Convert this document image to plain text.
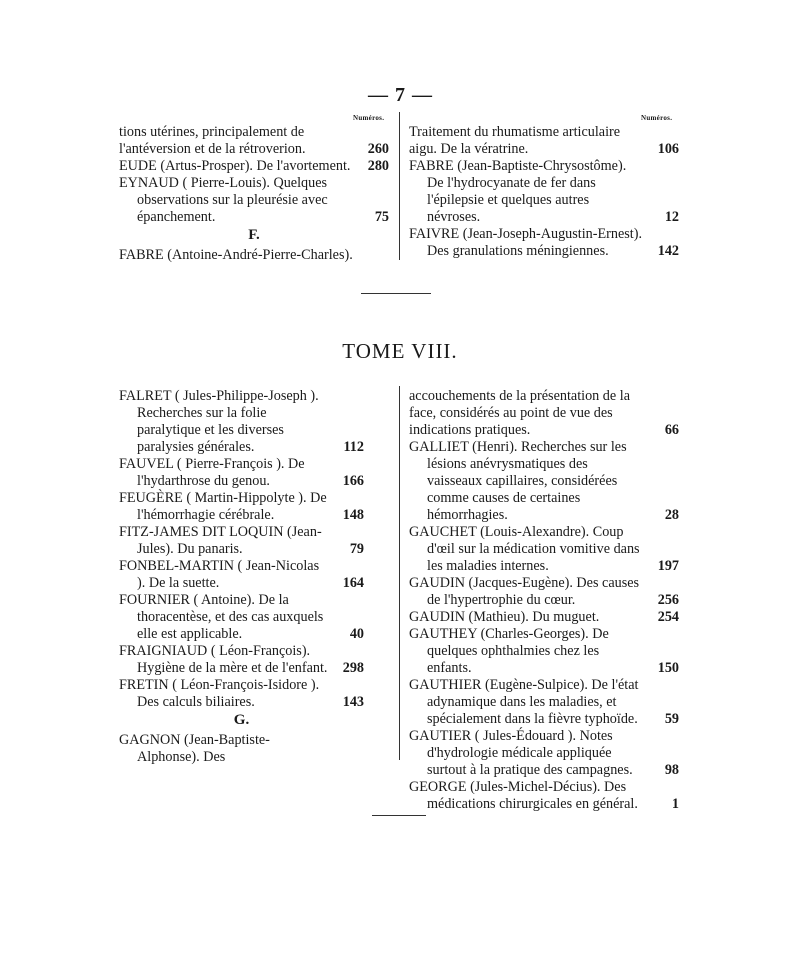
— 7 —
Numéros.	Numéros.
tions utérines, principalement de l'antéversion et de la rétroverion.	260
EUDE (Artus-Prosper). De l'avortement. 280
EYNAUD ( Pierre-Louis). Quelques observations sur la pleurésie avec épanchement.	75
F.
FABRE (Antoine-André-Pierre-Charles).
Traitement du rhumatisme articulaire aigu. De la vératrine.	106
FABRE (Jean-Baptiste-Chrysostôme). De l'hydrocyanate de fer dans l'épilepsie et quelques autres névroses.	12
FAIVRE (Jean-Joseph-Augustin-Ernest). Des granulations méningiennes.	142
TOME VIII.
FALRET ( Jules-Philippe-Joseph ). Recherches sur la folie paralytique et les diverses paralysies générales.	112
FAUVEL ( Pierre-François ). De l'hydarthrose du genou.	166
FEUGÈRE ( Martin-Hippolyte ). De l'hémorrhagie cérébrale.	148
FITZ-JAMES DIT LOQUIN (Jean-Jules). Du panaris.	79
FONBEL-MARTIN ( Jean-Nicolas ). De la suette.	164
FOURNIER ( Antoine). De la thoracentèse, et des cas auxquels elle est applicable.	40
FRAIGNIAUD ( Léon-François). Hygiène de la mère et de l'enfant. 298
FRETIN ( Léon-François-Isidore ). Des calculs biliaires.	143
G.
GAGNON (Jean-Baptiste-Alphonse). Des
accouchements de la présentation de la face, considérés au point de vue des indications pratiques.	66
GALLIET (Henri). Recherches sur les lésions anévrysmatiques des vaisseaux capillaires, considérées comme causes de certaines hémorrhagies.	28
GAUCHET (Louis-Alexandre). Coup d'œil sur la médication vomitive dans les maladies internes.	197
GAUDIN (Jacques-Eugène). Des causes de l'hypertrophie du cœur.	256
GAUDIN (Mathieu). Du muguet.	254
GAUTHEY (Charles-Georges). De quelques ophthalmies chez les enfants.	150
GAUTHIER (Eugène-Sulpice). De l'état adynamique dans les maladies, et spécialement dans la fièvre typhoïde. 59
GAUTIER ( Jules-Édouard ). Notes d'hydrologie médicale appliquée surtout à la pratique des campagnes. 98
GEORGE (Jules-Michel-Décius). Des médications chirurgicales en général. 1
